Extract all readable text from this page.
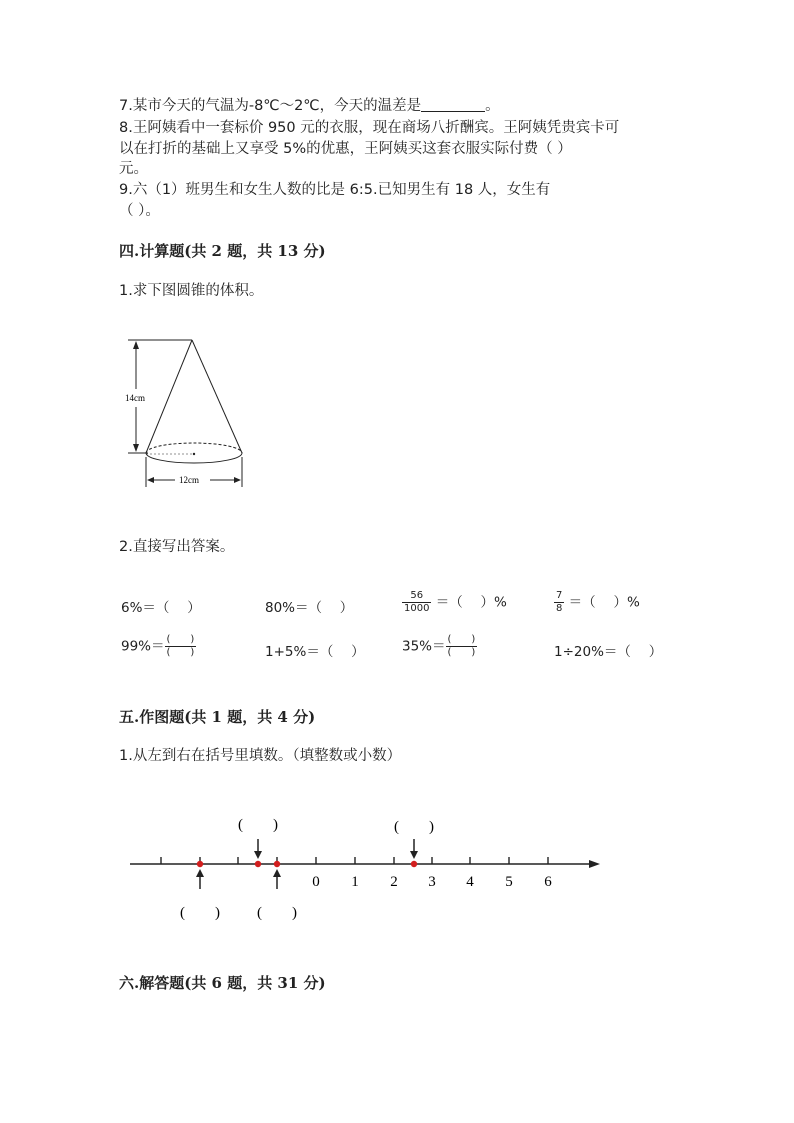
7.某市今天的气温为-8℃～2℃，今天的温差是	。
8.王阿姨看中一套标价 950 元的衣服，现在商场八折酬宾。王阿姨凭贵宾卡可
以在打折的基础上又享受 5%的优惠，王阿姨买这套衣服实际付费（ ）
元。
9.六（1）班男生和女生人数的比是 6:5.已知男生有 18 人，女生有
（ ）。
四.计算题(共 2 题，共 13 分)
1.求下图圆锥的体积。
14cm
12cm
2.直接写出答案。
6%＝（　 ）	80%＝（　 ）	$\frac{56}{1000}$ ＝（　 ）%	$\frac{7}{8}$ ＝（　 ）%
$99\%= \frac{( )}{( )}$	1+5%＝（　 ）	$35\%= \frac{( )}{( )}$	1÷20%＝（　 ）
五.作图题(共 1 题，共 4 分)
1.从左到右在括号里填数。（填整数或小数）
0 1 2 3 4 5 6
(　　)	(　　)
(　　) (　　)
六.解答题(共 6 题，共 31 分)
